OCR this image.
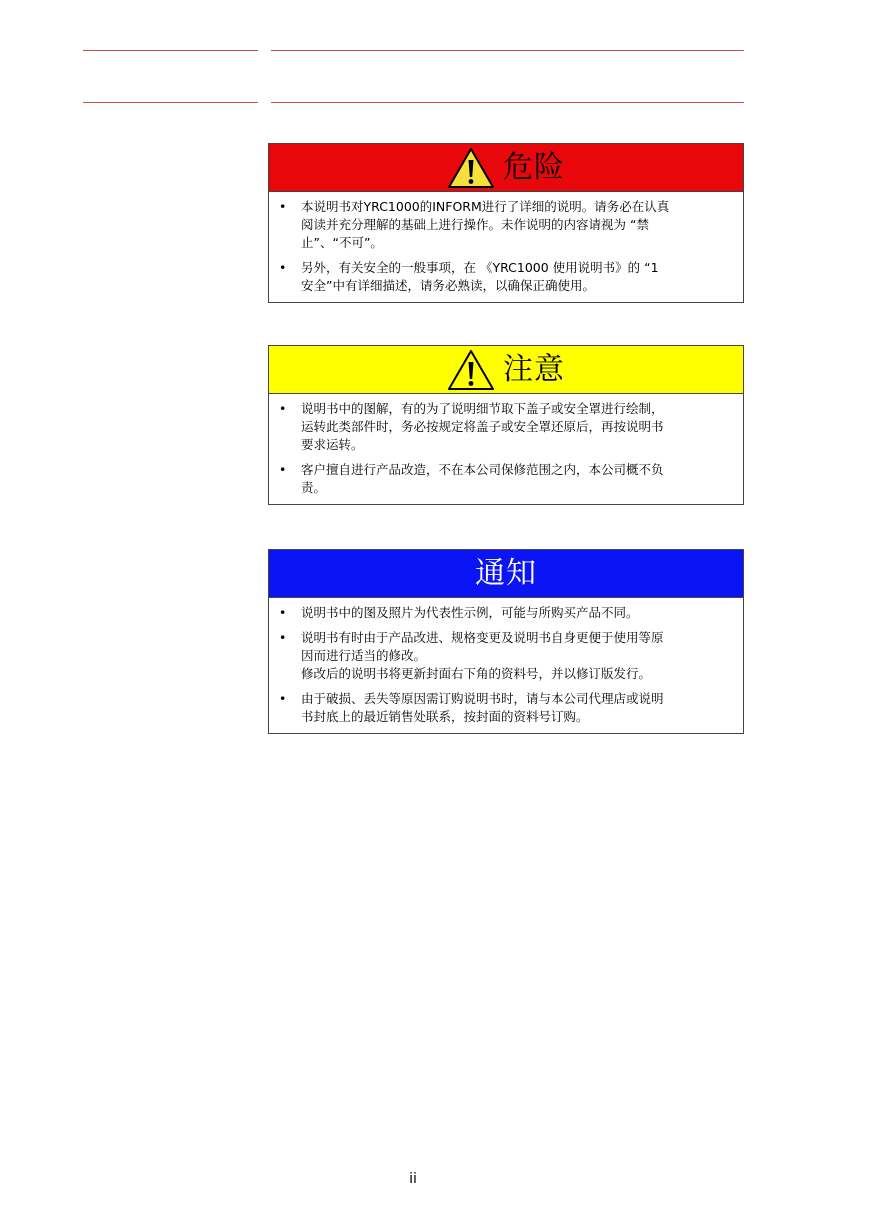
危险
• 本说明书对YRC1000的INFORM进行了详细的说明。请务必在认真
阅读并充分理解的基础上进行操作。未作说明的内容请视为 “禁
止”、“不可”。
• 另外，有关安全的一般事项，在 《YRC1000 使用说明书》的 “1
安全”中有详细描述，请务必熟读，以确保正确使用。
注意
• 说明书中的图解，有的为了说明细节取下盖子或安全罩进行绘制，
运转此类部件时，务必按规定将盖子或安全罩还原后，再按说明书
要求运转。
• 客户擅自进行产品改造，不在本公司保修范围之内，本公司概不负
责。
通知
• 说明书中的图及照片为代表性示例，可能与所购买产品不同。
• 说明书有时由于产品改进、规格变更及说明书自身更便于使用等原
因而进行适当的修改。
修改后的说明书将更新封面右下角的资料号，并以修订版发行。
• 由于破损、丢失等原因需订购说明书时，请与本公司代理店或说明
书封底上的最近销售处联系，按封面的资料号订购。
ii
